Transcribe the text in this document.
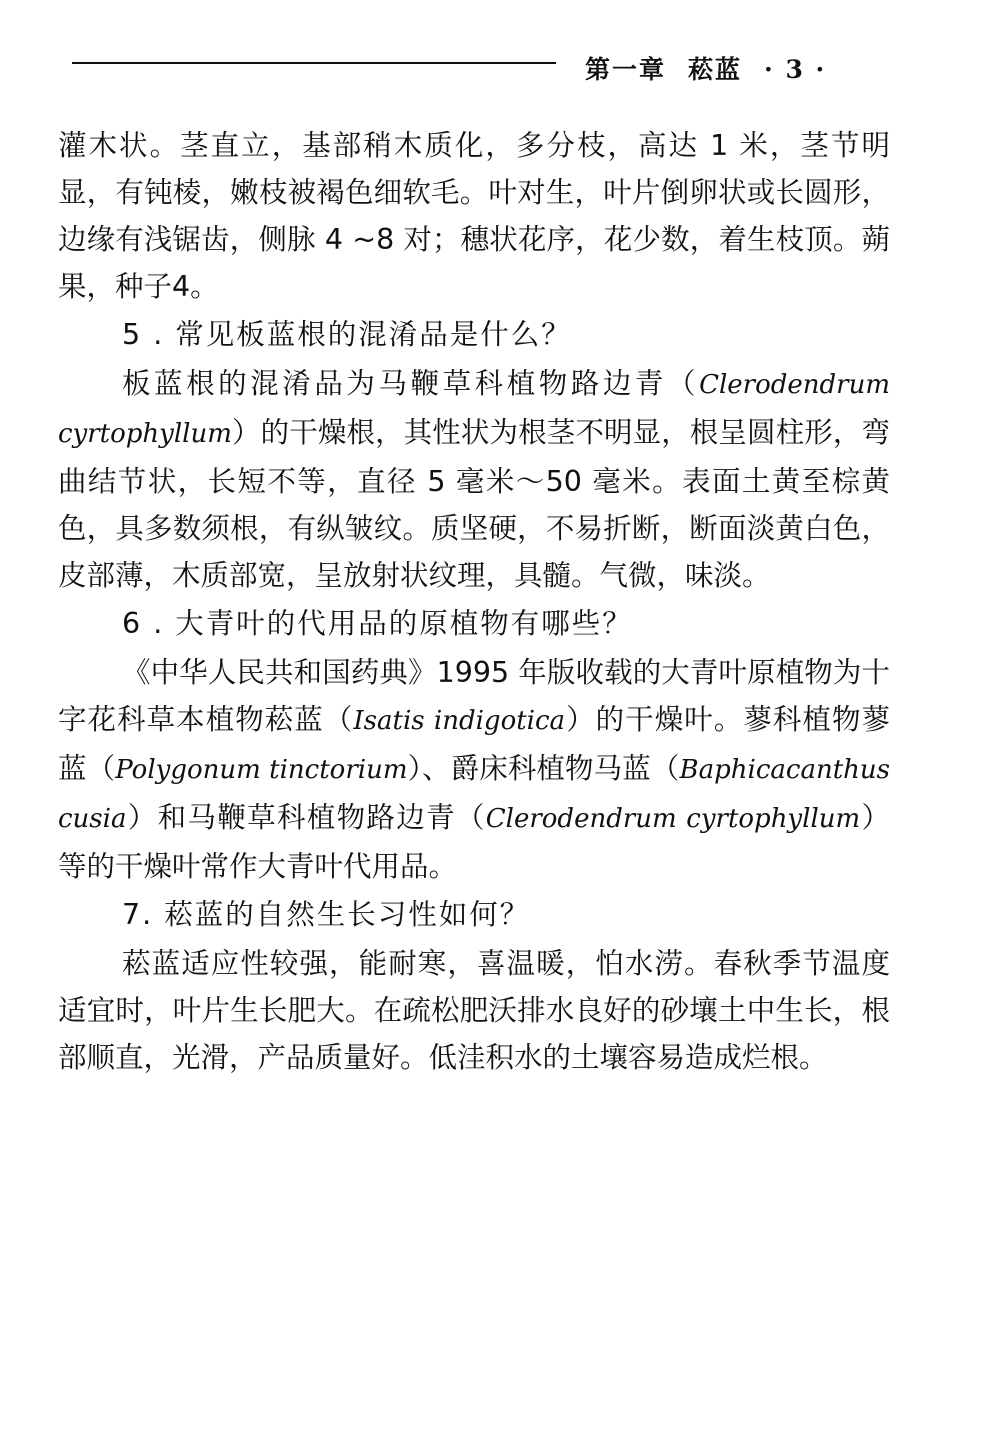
第一章 菘蓝 · 3 ·

灌木状。茎直立，基部稍木质化，多分枝，高达 1 米，茎节明显，有钝棱，嫩枝被褐色细软毛。叶对生，叶片倒卵状或长圆形，边缘有浅锯齿，侧脉 4 ~8 对；穗状花序，花少数，着生枝顶。蒴果，种子4。

5 . 常见板蓝根的混淆品是什么？

板蓝根的混淆品为马鞭草科植物路边青（Clerodendrum cyrtophyllum）的干燥根，其性状为根茎不明显，根呈圆柱形，弯曲结节状，长短不等，直径 5 毫米～50 毫米。表面土黄至棕黄色，具多数须根，有纵皱纹。质坚硬，不易折断，断面淡黄白色，皮部薄，木质部宽，呈放射状纹理，具髓。气微，味淡。

6 . 大青叶的代用品的原植物有哪些？

《中华人民共和国药典》1995 年版收载的大青叶原植物为十字花科草本植物菘蓝（Isatis indigotica）的干燥叶。蓼科植物蓼蓝（Polygonum tinctorium）、爵床科植物马蓝（Baphicacanthus cusia）和马鞭草科植物路边青（Clerodendrum cyrtophyllum）等的干燥叶常作大青叶代用品。

7. 菘蓝的自然生长习性如何？

菘蓝适应性较强，能耐寒，喜温暖，怕水涝。春秋季节温度适宜时，叶片生长肥大。在疏松肥沃排水良好的砂壤土中生长，根部顺直，光滑，产品质量好。低洼积水的土壤容易造成烂根。
